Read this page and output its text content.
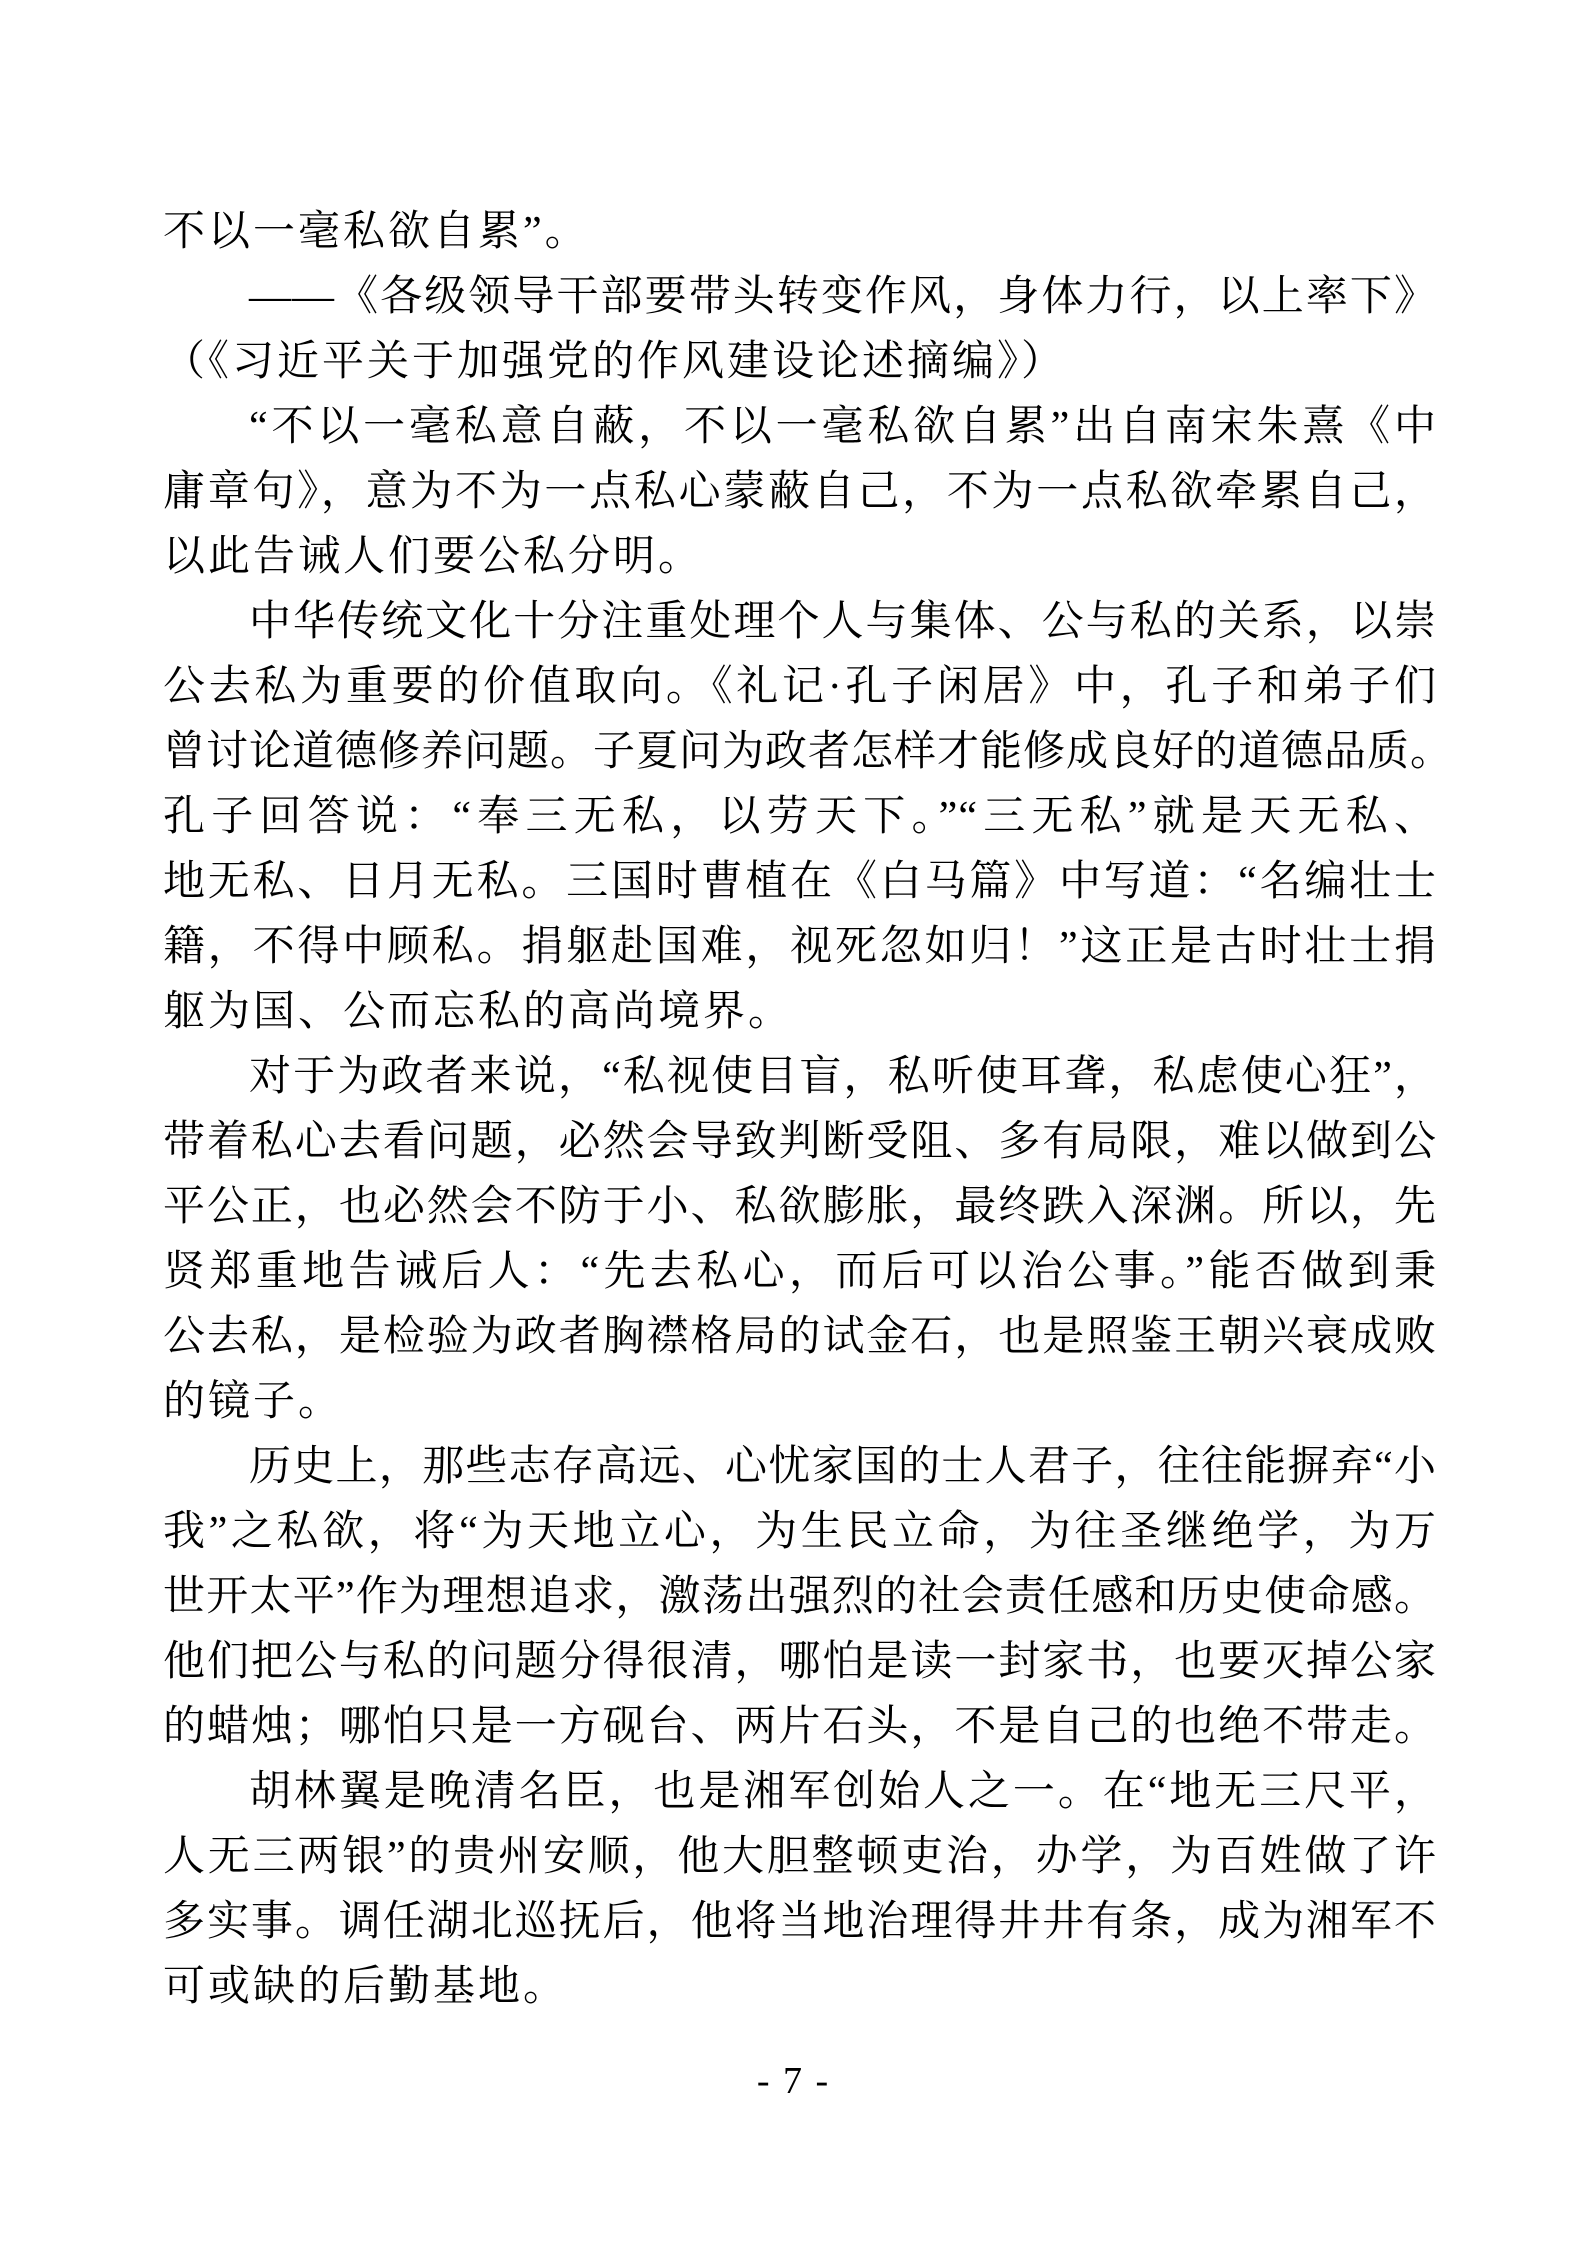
不以一毫私欲自累”。
——《各级领导干部要带头转变作风，身体力行，以上率下》
（《习近平关于加强党的作风建设论述摘编》）
“不以一毫私意自蔽，不以一毫私欲自累”出自南宋朱熹《中
庸章句》，意为不为一点私心蒙蔽自己，不为一点私欲牵累自己，
以此告诫人们要公私分明。
中华传统文化十分注重处理个人与集体、公与私的关系，以崇
公去私为重要的价值取向。《礼记·孔子闲居》中，孔子和弟子们
曾讨论道德修养问题。子夏问为政者怎样才能修成良好的道德品质。
孔子回答说：“奉三无私，以劳天下。”“三无私”就是天无私、
地无私、日月无私。三国时曹植在《白马篇》中写道：“名编壮士
籍，不得中顾私。捐躯赴国难，视死忽如归！”这正是古时壮士捐
躯为国、公而忘私的高尚境界。
对于为政者来说，“私视使目盲，私听使耳聋，私虑使心狂”，
带着私心去看问题，必然会导致判断受阻、多有局限，难以做到公
平公正，也必然会不防于小、私欲膨胀，最终跌入深渊。所以，先
贤郑重地告诫后人：“先去私心，而后可以治公事。”能否做到秉
公去私，是检验为政者胸襟格局的试金石，也是照鉴王朝兴衰成败
的镜子。
历史上，那些志存高远、心忧家国的士人君子，往往能摒弃“小
我”之私欲，将“为天地立心，为生民立命，为往圣继绝学，为万
世开太平”作为理想追求，激荡出强烈的社会责任感和历史使命感。
他们把公与私的问题分得很清，哪怕是读一封家书，也要灭掉公家
的蜡烛；哪怕只是一方砚台、两片石头，不是自己的也绝不带走。
胡林翼是晚清名臣，也是湘军创始人之一。在“地无三尺平，
人无三两银”的贵州安顺，他大胆整顿吏治，办学，为百姓做了许
多实事。调任湖北巡抚后，他将当地治理得井井有条，成为湘军不
可或缺的后勤基地。
- 7 -
